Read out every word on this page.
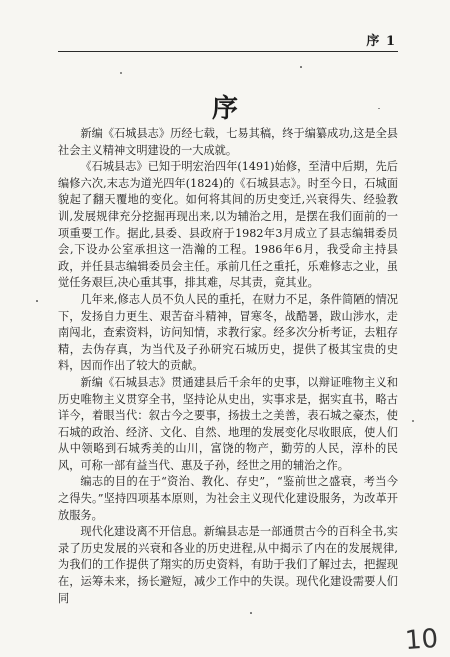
序 1
序

新编《石城县志》历经七载，七易其稿，终于编纂成功,这是全县社会主义精神文明建设的一大成就。

《石城县志》已知于明宏治四年(1491)始修，至清中后期，先后编修六次,末志为道光四年(1824)的《石城县志》。时至今日，石城面貌起了翻天覆地的变化。如何将其间的历史变迁,兴衰得失、经验教训,发展规律充分挖掘再现出来,以为辅治之用，是摆在我们面前的一项重要工作。据此,县委、县政府于1982年3月成立了县志编辑委员会,下设办公室承担这一浩瀚的工程。1986年6月，我受命主持县政，并任县志编辑委员会主任。承前几任之重托，乐难修志之业，虽觉任务艰巨,决心重其事，排其难，尽其责，竟其业。

几年来,修志人员不负人民的重托，在财力不足，条件简陋的情况下，发扬自力更生、艰苦奋斗精神，冒寒冬，战酷暑，跋山涉水，走南闯北，查索资料，访问知情，求教行家。经多次分析考证，去粗存精，去伪存真，为当代及子孙研究石城历史，提供了极其宝贵的史料，因而作出了较大的贡献。

新编《石城县志》贯通建县后千余年的史事，以辩证唯物主义和历史唯物主义贯穿全书，坚持论从史出，实事求是，据实直书，略古详今，着眼当代：叙古今之要事，扬拔土之美善，表石城之豪杰，使石城的政治、经济、文化、自然、地理的发展变化尽收眼底，使人们从中领略到石城秀美的山川，富饶的物产，勤劳的人民，淳朴的民风，可称一部有益当代、惠及子孙，经世之用的辅治之作。

编志的目的在于“资治、教化、存史”，“鉴前世之盛衰，考当今之得失。”坚持四项基本原则，为社会主义现代化建设服务，为改革开放服务。

现代化建设离不开信息。新编县志是一部通贯古今的百科全书,实录了历史发展的兴衰和各业的历史进程,从中揭示了内在的发展规律,为我们的工作提供了翔实的历史资料，有助于我们了解过去，把握现在，运筹未来，扬长避短，减少工作中的失误。现代化建设需要人们同

10
